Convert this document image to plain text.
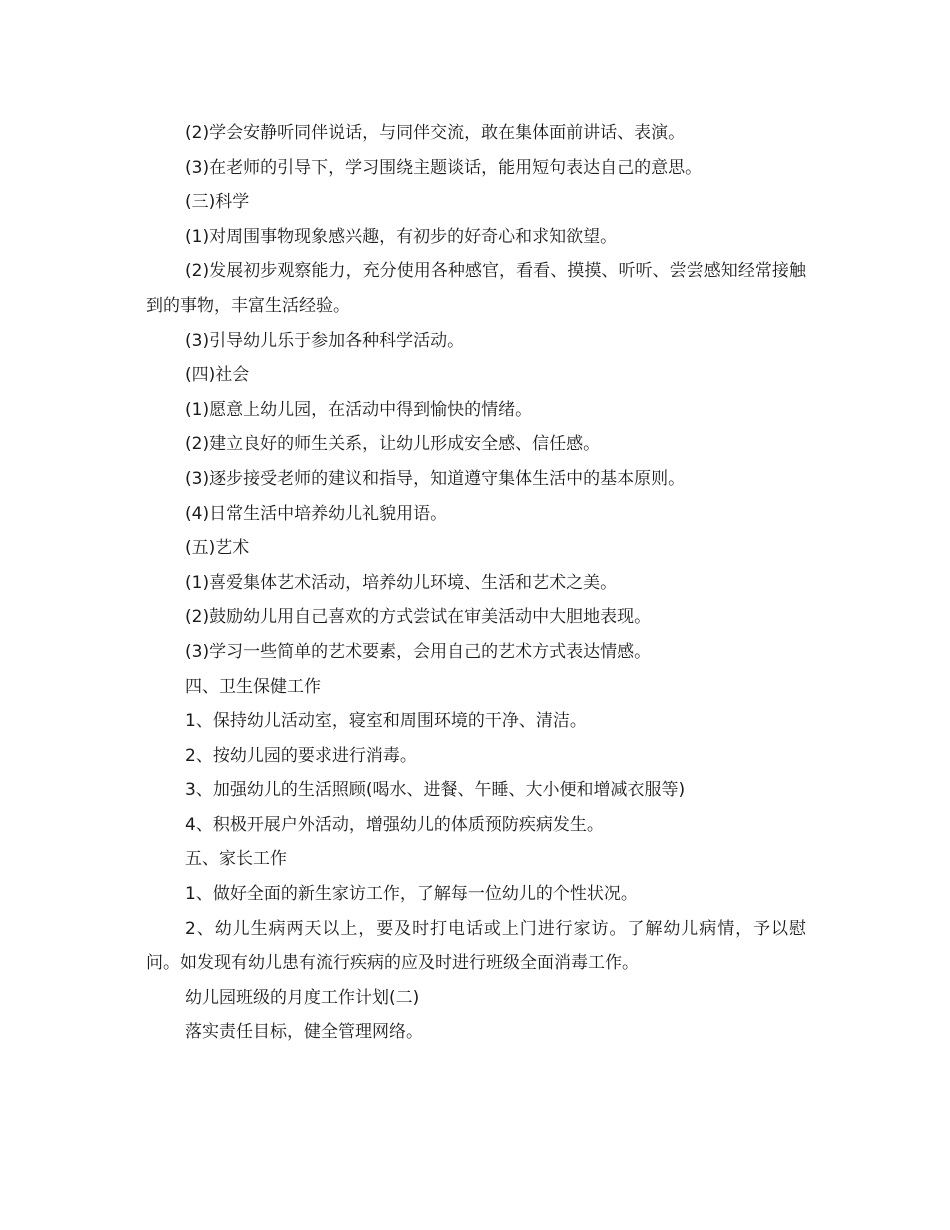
(2)学会安静听同伴说话，与同伴交流，敢在集体面前讲话、表演。

(3)在老师的引导下，学习围绕主题谈话，能用短句表达自己的意思。

(三)科学

(1)对周围事物现象感兴趣，有初步的好奇心和求知欲望。

(2)发展初步观察能力，充分使用各种感官，看看、摸摸、听听、尝尝感知经常接触到的事物，丰富生活经验。

(3)引导幼儿乐于参加各种科学活动。

(四)社会

(1)愿意上幼儿园，在活动中得到愉快的情绪。

(2)建立良好的师生关系，让幼儿形成安全感、信任感。

(3)逐步接受老师的建议和指导，知道遵守集体生活中的基本原则。

(4)日常生活中培养幼儿礼貌用语。

(五)艺术

(1)喜爱集体艺术活动，培养幼儿环境、生活和艺术之美。

(2)鼓励幼儿用自己喜欢的方式尝试在审美活动中大胆地表现。

(3)学习一些简单的艺术要素，会用自己的艺术方式表达情感。

四、卫生保健工作

1、保持幼儿活动室，寝室和周围环境的干净、清洁。

2、按幼儿园的要求进行消毒。

3、加强幼儿的生活照顾(喝水、进餐、午睡、大小便和增减衣服等)

4、积极开展户外活动，增强幼儿的体质预防疾病发生。

五、家长工作

1、做好全面的新生家访工作，了解每一位幼儿的个性状况。

2、幼儿生病两天以上，要及时打电话或上门进行家访。了解幼儿病情，予以慰问。如发现有幼儿患有流行疾病的应及时进行班级全面消毒工作。

幼儿园班级的月度工作计划(二)

落实责任目标，健全管理网络。
